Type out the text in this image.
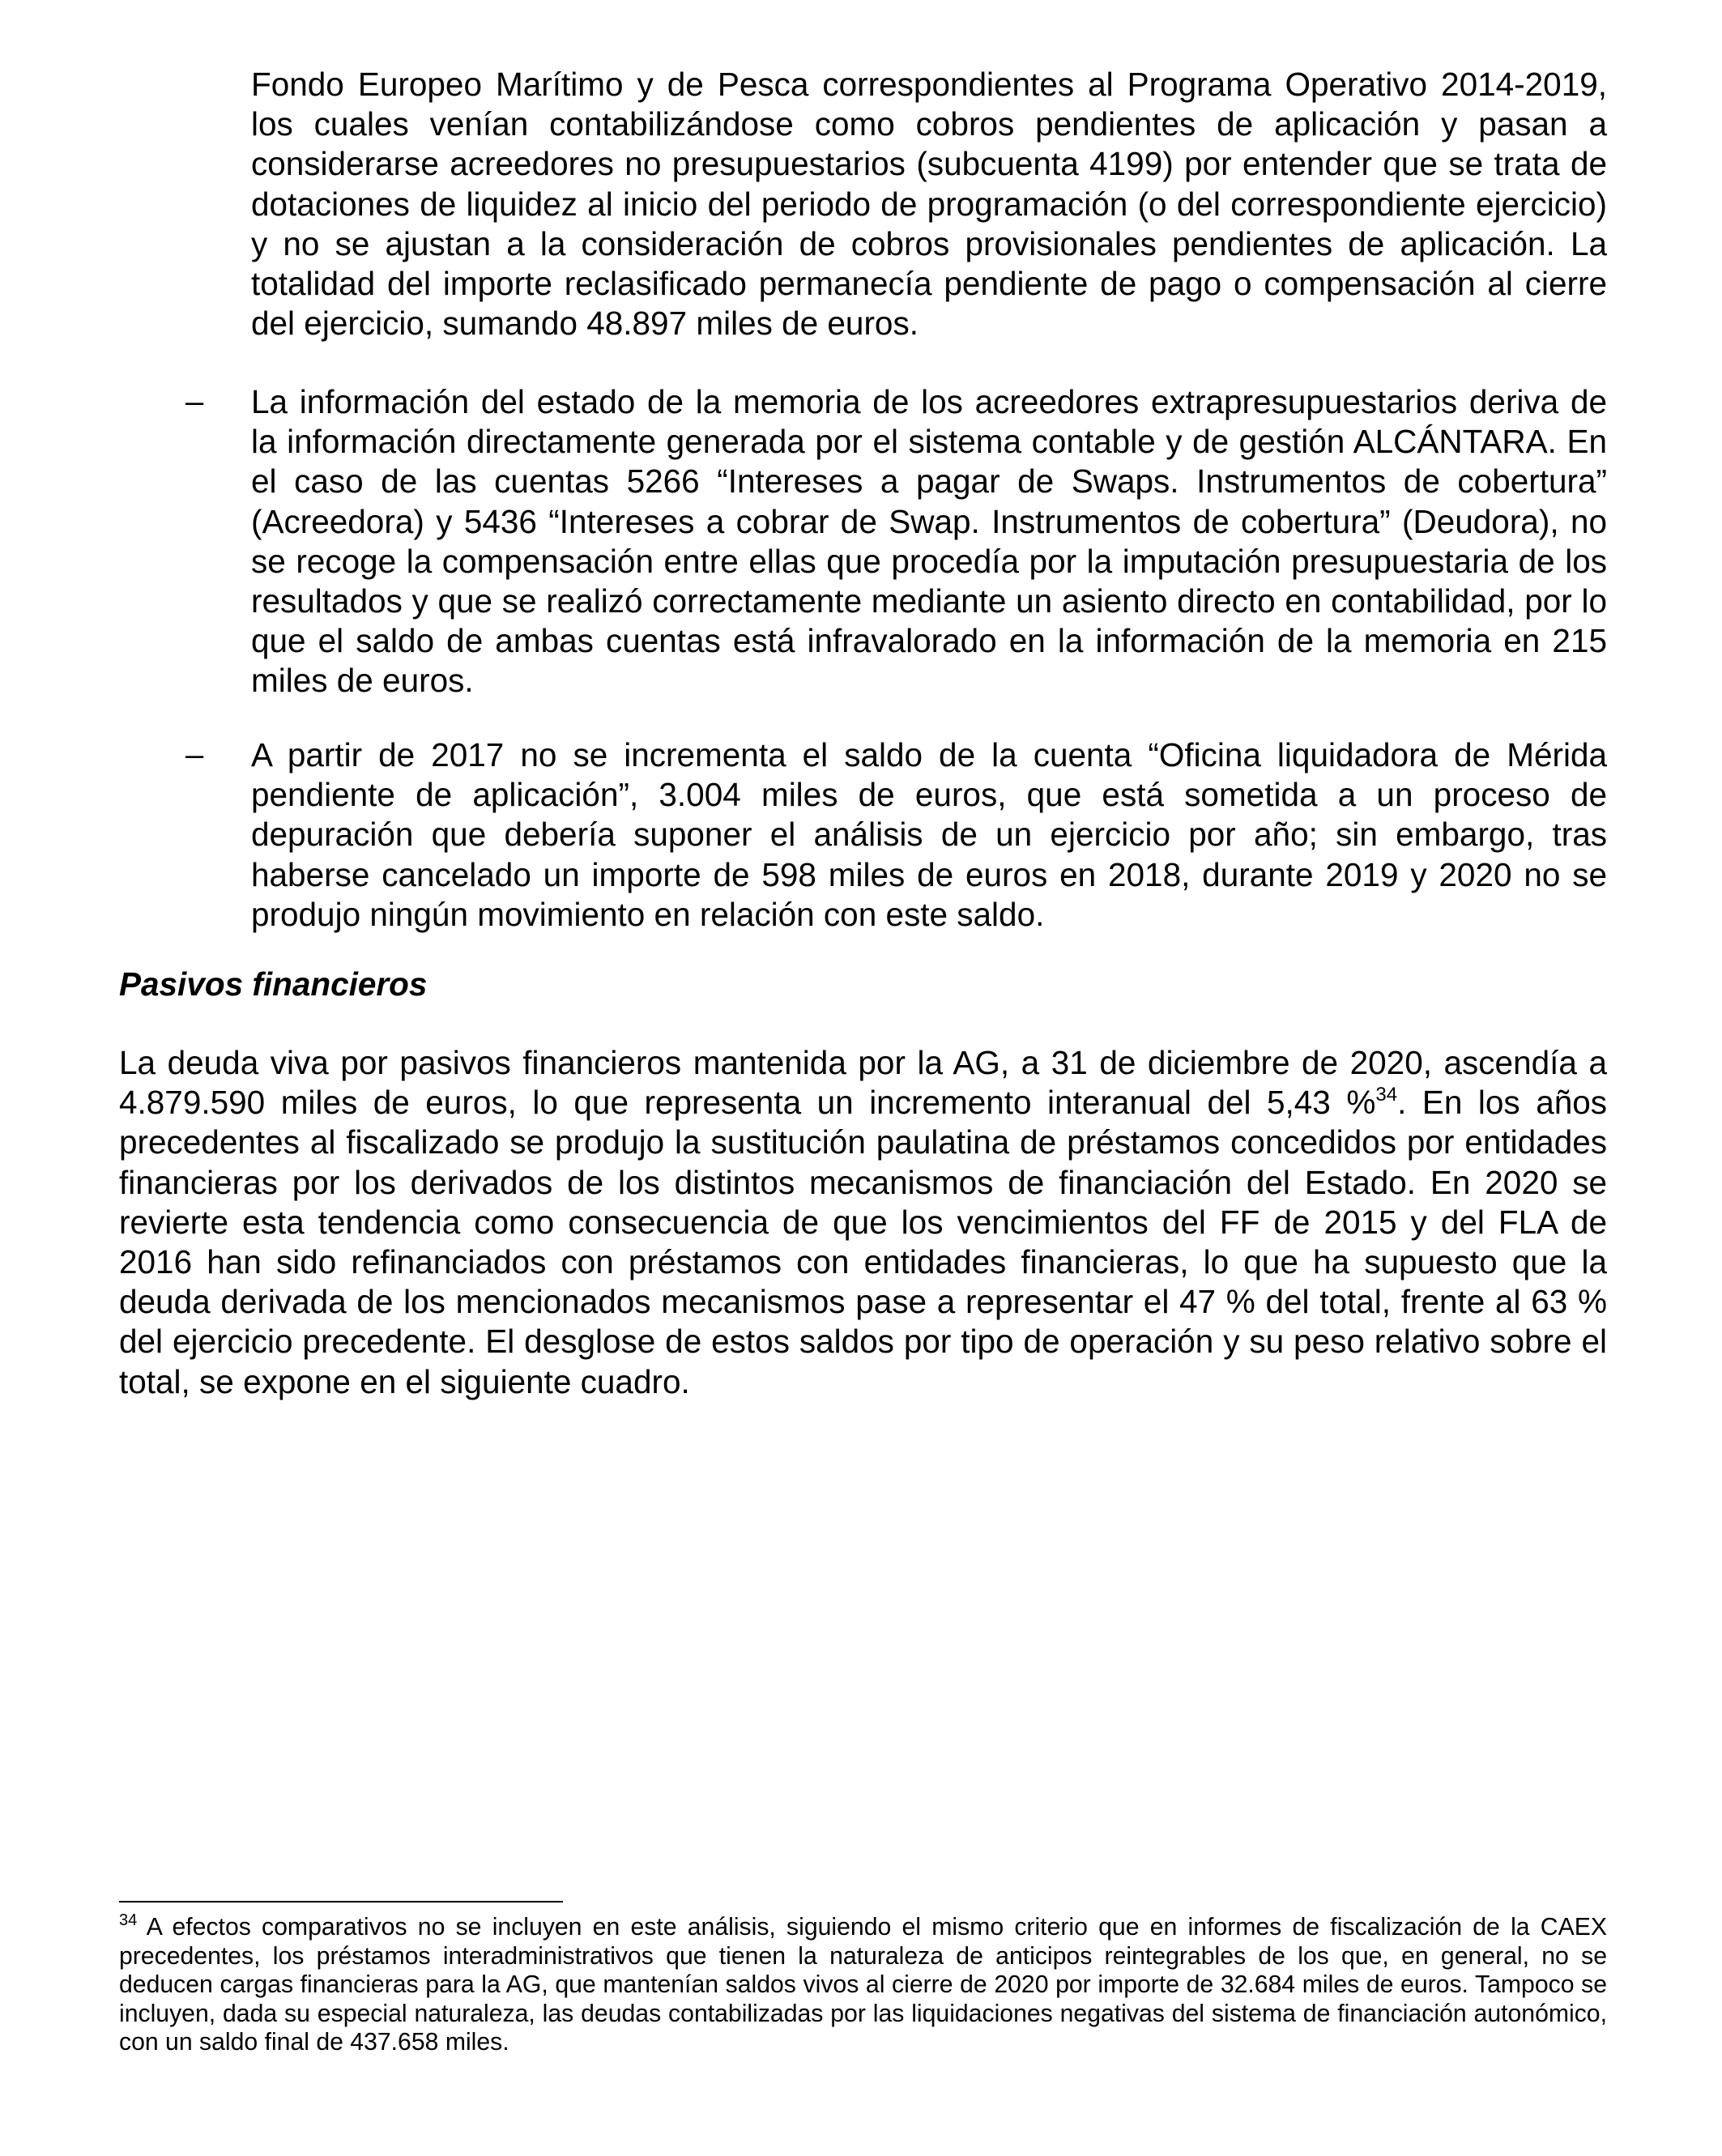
Fondo Europeo Marítimo y de Pesca correspondientes al Programa Operativo 2014-2019, los cuales venían contabilizándose como cobros pendientes de aplicación y pasan a considerarse acreedores no presupuestarios (subcuenta 4199) por entender que se trata de dotaciones de liquidez al inicio del periodo de programación (o del correspondiente ejercicio) y no se ajustan a la consideración de cobros provisionales pendientes de aplicación. La totalidad del importe reclasificado permanecía pendiente de pago o compensación al cierre del ejercicio, sumando 48.897 miles de euros.

– La información del estado de la memoria de los acreedores extrapresupuestarios deriva de la información directamente generada por el sistema contable y de gestión ALCÁNTARA. En el caso de las cuentas 5266 “Intereses a pagar de Swaps. Instrumentos de cobertura” (Acreedora) y 5436 “Intereses a cobrar de Swap. Instrumentos de cobertura” (Deudora), no se recoge la compensación entre ellas que procedía por la imputación presupuestaria de los resultados y que se realizó correctamente mediante un asiento directo en contabilidad, por lo que el saldo de ambas cuentas está infravalorado en la información de la memoria en 215 miles de euros.

– A partir de 2017 no se incrementa el saldo de la cuenta “Oficina liquidadora de Mérida pendiente de aplicación”, 3.004 miles de euros, que está sometida a un proceso de depuración que debería suponer el análisis de un ejercicio por año; sin embargo, tras haberse cancelado un importe de 598 miles de euros en 2018, durante 2019 y 2020 no se produjo ningún movimiento en relación con este saldo.

Pasivos financieros

La deuda viva por pasivos financieros mantenida por la AG, a 31 de diciembre de 2020, ascendía a 4.879.590 miles de euros, lo que representa un incremento interanual del 5,43 %$^{34}$. En los años precedentes al fiscalizado se produjo la sustitución paulatina de préstamos concedidos por entidades financieras por los derivados de los distintos mecanismos de financiación del Estado. En 2020 se revierte esta tendencia como consecuencia de que los vencimientos del FF de 2015 y del FLA de 2016 han sido refinanciados con préstamos con entidades financieras, lo que ha supuesto que la deuda derivada de los mencionados mecanismos pase a representar el 47 % del total, frente al 63 % del ejercicio precedente. El desglose de estos saldos por tipo de operación y su peso relativo sobre el total, se expone en el siguiente cuadro.

$^{34}$ A efectos comparativos no se incluyen en este análisis, siguiendo el mismo criterio que en informes de fiscalización de la CAEX precedentes, los préstamos interadministrativos que tienen la naturaleza de anticipos reintegrables de los que, en general, no se deducen cargas financieras para la AG, que mantenían saldos vivos al cierre de 2020 por importe de 32.684 miles de euros. Tampoco se incluyen, dada su especial naturaleza, las deudas contabilizadas por las liquidaciones negativas del sistema de financiación autonómico, con un saldo final de 437.658 miles.
